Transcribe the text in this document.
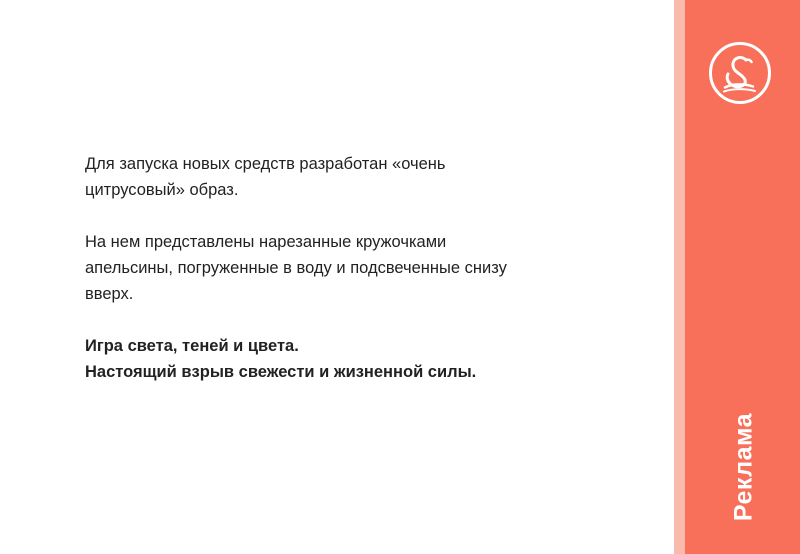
Для запуска новых средств разработан «очень
цитрусовый» образ.

На нем представлены нарезанные кружочками
апельсины, погруженные в воду и подсвеченные снизу
вверх.

Игра света, теней и цвета.
Настоящий взрыв свежести и жизненной силы.

Реклама
